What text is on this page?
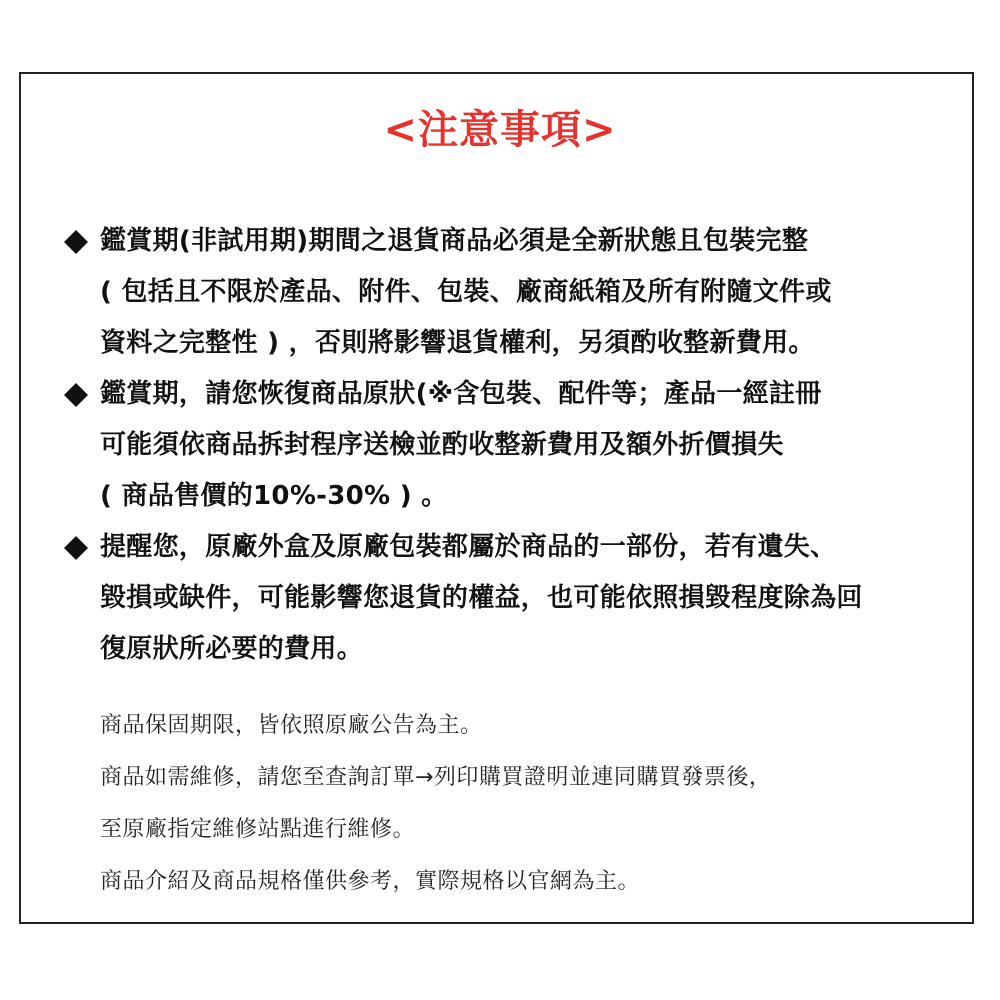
<注意事項>
鑑賞期(非試用期)期間之退貨商品必須是全新狀態且包裝完整
( 包括且不限於產品、附件、包裝、廠商紙箱及所有附隨文件或
資料之完整性 ) ，否則將影響退貨權利，另須酌收整新費用。
鑑賞期，請您恢復商品原狀(※含包裝、配件等；產品一經註冊
可能須依商品拆封程序送檢並酌收整新費用及額外折價損失
( 商品售價的10%-30% ) 。
提醒您，原廠外盒及原廠包裝都屬於商品的一部份，若有遺失、
毀損或缺件，可能影響您退貨的權益，也可能依照損毀程度除為回
復原狀所必要的費用。
商品保固期限，皆依照原廠公告為主。
商品如需維修，請您至查詢訂單→列印購買證明並連同購買發票後，
至原廠指定維修站點進行維修。
商品介紹及商品規格僅供參考，實際規格以官網為主。
